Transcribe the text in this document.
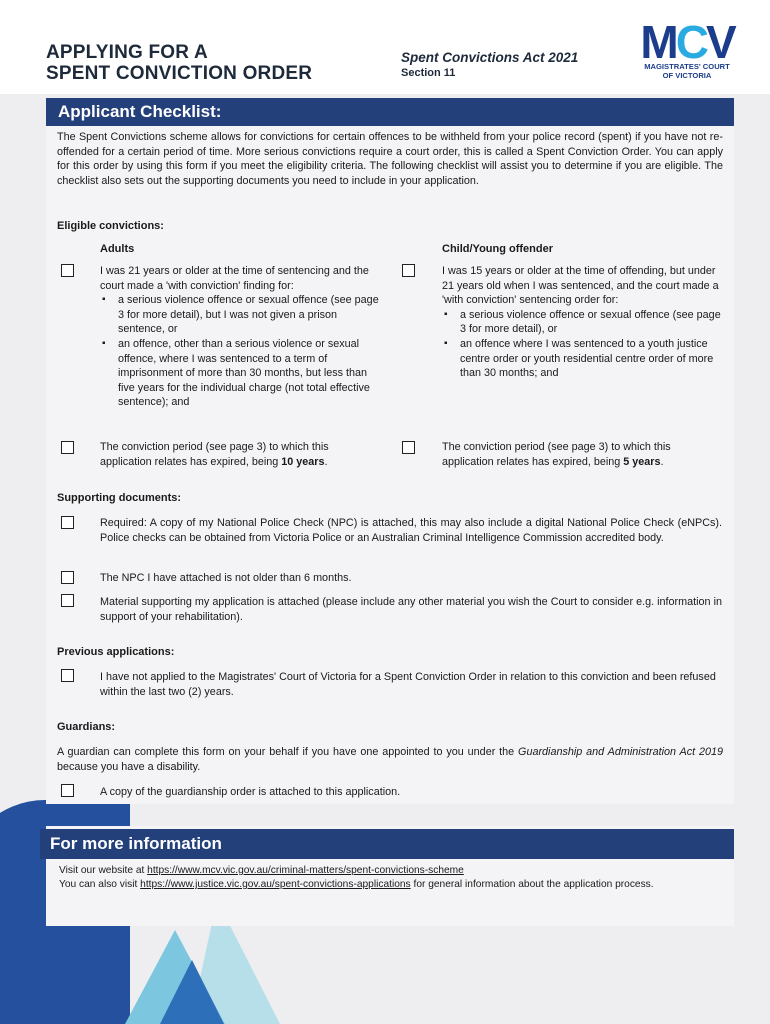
APPLYING FOR A
SPENT CONVICTION ORDER
Spent Convictions Act 2021
Section 11
MCV
MAGISTRATES' COURT
OF VICTORIA
Applicant Checklist:
The Spent Convictions scheme allows for convictions for certain offences to be withheld from your police record (spent) if you have not re-offended for a certain period of time. More serious convictions require a court order, this is called a Spent Conviction Order. You can apply for this order by using this form if you meet the eligibility criteria. The following checklist will assist you to determine if you are eligible. The checklist also sets out the supporting documents you need to include in your application.
Eligible convictions:
Adults	Child/Young offender
I was 21 years or older at the time of sentencing and the court made a 'with conviction' finding for:
▪ a serious violence offence or sexual offence (see page 3 for more detail), but I was not given a prison sentence, or
▪ an offence, other than a serious violence or sexual offence, where I was sentenced to a term of imprisonment of more than 30 months, but less than five years for the individual charge (not total effective sentence); and
I was 15 years or older at the time of offending, but under 21 years old when I was sentenced, and the court made a 'with conviction' sentencing order for:
▪ a serious violence offence or sexual offence (see page 3 for more detail), or
▪ an offence where I was sentenced to a youth justice centre order or youth residential centre order of more than 30 months; and
The conviction period (see page 3) to which this application relates has expired, being 10 years.
The conviction period (see page 3) to which this application relates has expired, being 5 years.
Supporting documents:
Required: A copy of my National Police Check (NPC) is attached, this may also include a digital National Police Check (eNPCs). Police checks can be obtained from Victoria Police or an Australian Criminal Intelligence Commission accredited body.
The NPC I have attached is not older than 6 months.
Material supporting my application is attached (please include any other material you wish the Court to consider e.g. information in support of your rehabilitation).
Previous applications:
I have not applied to the Magistrates' Court of Victoria for a Spent Conviction Order in relation to this conviction and been refused within the last two (2) years.
Guardians:
A guardian can complete this form on your behalf if you have one appointed to you under the Guardianship and Administration Act 2019 because you have a disability.
A copy of the guardianship order is attached to this application.
For more information
Visit our website at https://www.mcv.vic.gov.au/criminal-matters/spent-convictions-scheme
You can also visit https://www.justice.vic.gov.au/spent-convictions-applications for general information about the application process.
